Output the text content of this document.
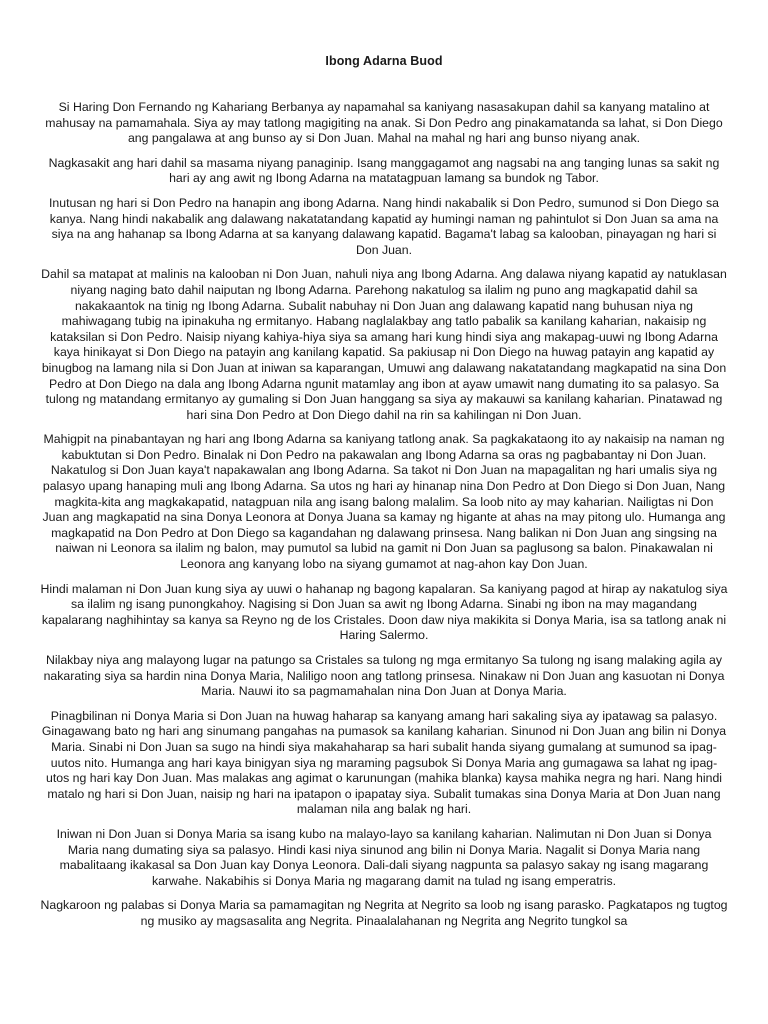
Ibong Adarna Buod

Si Haring Don Fernando ng Kahariang Berbanya ay napamahal sa kaniyang nasasakupan dahil sa kanyang matalino at mahusay na pamamahala. Siya ay may tatlong magigiting na anak. Si Don Pedro ang pinakamatanda sa lahat, si Don Diego ang pangalawa at ang bunso ay si Don Juan. Mahal na mahal ng hari ang bunso niyang anak.

Nagkasakit ang hari dahil sa masama niyang panaginip. Isang manggagamot ang nagsabi na ang tanging lunas sa sakit ng hari ay ang awit ng Ibong Adarna na matatagpuan lamang sa bundok ng Tabor.

Inutusan ng hari si Don Pedro na hanapin ang ibong Adarna. Nang hindi nakabalik si Don Pedro, sumunod si Don Diego sa kanya. Nang hindi nakabalik ang dalawang nakatatandang kapatid ay humingi naman ng pahintulot si Don Juan sa ama na siya na ang hahanap sa Ibong Adarna at sa kanyang dalawang kapatid. Bagama't labag sa kalooban, pinayagan ng hari si Don Juan.

Dahil sa matapat at malinis na kalooban ni Don Juan, nahuli niya ang Ibong Adarna. Ang dalawa niyang kapatid ay natuklasan niyang naging bato dahil naiputan ng Ibong Adarna. Parehong nakatulog sa ilalim ng puno ang magkapatid dahil sa nakakaantok na tinig ng Ibong Adarna. Subalit nabuhay ni Don Juan ang dalawang kapatid nang buhusan niya ng mahiwagang tubig na ipinakuha ng ermitanyo. Habang naglalakbay ang tatlo pabalik sa kanilang kaharian, nakaisip ng kataksilan si Don Pedro. Naisip niyang kahiya-hiya siya sa amang hari kung hindi siya ang makapag-uuwi ng Ibong Adarna kaya hinikayat si Don Diego na patayin ang kanilang kapatid. Sa pakiusap ni Don Diego na huwag patayin ang kapatid ay binugbog na lamang nila si Don Juan at iniwan sa kaparangan, Umuwi ang dalawang nakatatandang magkapatid na sina Don Pedro at Don Diego na dala ang Ibong Adarna ngunit matamlay ang ibon at ayaw umawit nang dumating ito sa palasyo. Sa tulong ng matandang ermitanyo ay gumaling si Don Juan hanggang sa siya ay makauwi sa kanilang kaharian. Pinatawad ng hari sina Don Pedro at Don Diego dahil na rin sa kahilingan ni Don Juan.

Mahigpit na pinabantayan ng hari ang Ibong Adarna sa kaniyang tatlong anak. Sa pagkakataong ito ay nakaisip na naman ng kabuktutan si Don Pedro. Binalak ni Don Pedro na pakawalan ang Ibong Adarna sa oras ng pagbabantay ni Don Juan. Nakatulog si Don Juan kaya't napakawalan ang Ibong Adarna. Sa takot ni Don Juan na mapagalitan ng hari umalis siya ng palasyo upang hanaping muli ang Ibong Adarna. Sa utos ng hari ay hinanap nina Don Pedro at Don Diego si Don Juan, Nang magkita-kita ang magkakapatid, natagpuan nila ang isang balong malalim. Sa loob nito ay may kaharian. Nailigtas ni Don Juan ang magkapatid na sina Donya Leonora at Donya Juana sa kamay ng higante at ahas na may pitong ulo. Humanga ang magkapatid na Don Pedro at Don Diego sa kagandahan ng dalawang prinsesa. Nang balikan ni Don Juan ang singsing na naiwan ni Leonora sa ilalim ng balon, may pumutol sa lubid na gamit ni Don Juan sa paglusong sa balon. Pinakawalan ni Leonora ang kanyang lobo na siyang gumamot at nag-ahon kay Don Juan.

Hindi malaman ni Don Juan kung siya ay uuwi o hahanap ng bagong kapalaran. Sa kaniyang pagod at hirap ay nakatulog siya sa ilalim ng isang punongkahoy. Nagising si Don Juan sa awit ng Ibong Adarna. Sinabi ng ibon na may magandang kapalarang naghihintay sa kanya sa Reyno ng de los Cristales. Doon daw niya makikita si Donya Maria, isa sa tatlong anak ni Haring Salermo.

Nilakbay niya ang malayong lugar na patungo sa Cristales sa tulong ng mga ermitanyo Sa tulong ng isang malaking agila ay nakarating siya sa hardin nina Donya Maria, Naliligo noon ang tatlong prinsesa. Ninakaw ni Don Juan ang kasuotan ni Donya Maria. Nauwi ito sa pagmamahalan nina Don Juan at Donya Maria.

Pinagbilinan ni Donya Maria si Don Juan na huwag haharap sa kanyang amang hari sakaling siya ay ipatawag sa palasyo. Ginagawang bato ng hari ang sinumang pangahas na pumasok sa kanilang kaharian. Sinunod ni Don Juan ang bilin ni Donya Maria. Sinabi ni Don Juan sa sugo na hindi siya makahaharap sa hari subalit handa siyang gumalang at sumunod sa ipag-uutos nito. Humanga ang hari kaya binigyan siya ng maraming pagsubok Si Donya Maria ang gumagawa sa lahat ng ipag-utos ng hari kay Don Juan. Mas malakas ang agimat o karunungan (mahika blanka) kaysa mahika negra ng hari. Nang hindi matalo ng hari si Don Juan, naisip ng hari na ipatapon o ipapatay siya. Subalit tumakas sina Donya Maria at Don Juan nang malaman nila ang balak ng hari.

Iniwan ni Don Juan si Donya Maria sa isang kubo na malayo-layo sa kanilang kaharian. Nalimutan ni Don Juan si Donya Maria nang dumating siya sa palasyo. Hindi kasi niya sinunod ang bilin ni Donya Maria. Nagalit si Donya Maria nang mabalitaang ikakasal sa Don Juan kay Donya Leonora. Dali-dali siyang nagpunta sa palasyo sakay ng isang magarang karwahe. Nakabihis si Donya Maria ng magarang damit na tulad ng isang emperatris.

Nagkaroon ng palabas si Donya Maria sa pamamagitan ng Negrita at Negrito sa loob ng isang parasko. Pagkatapos ng tugtog ng musiko ay magsasalita ang Negrita. Pinaalalahanan ng Negrita ang Negrito tungkol sa
